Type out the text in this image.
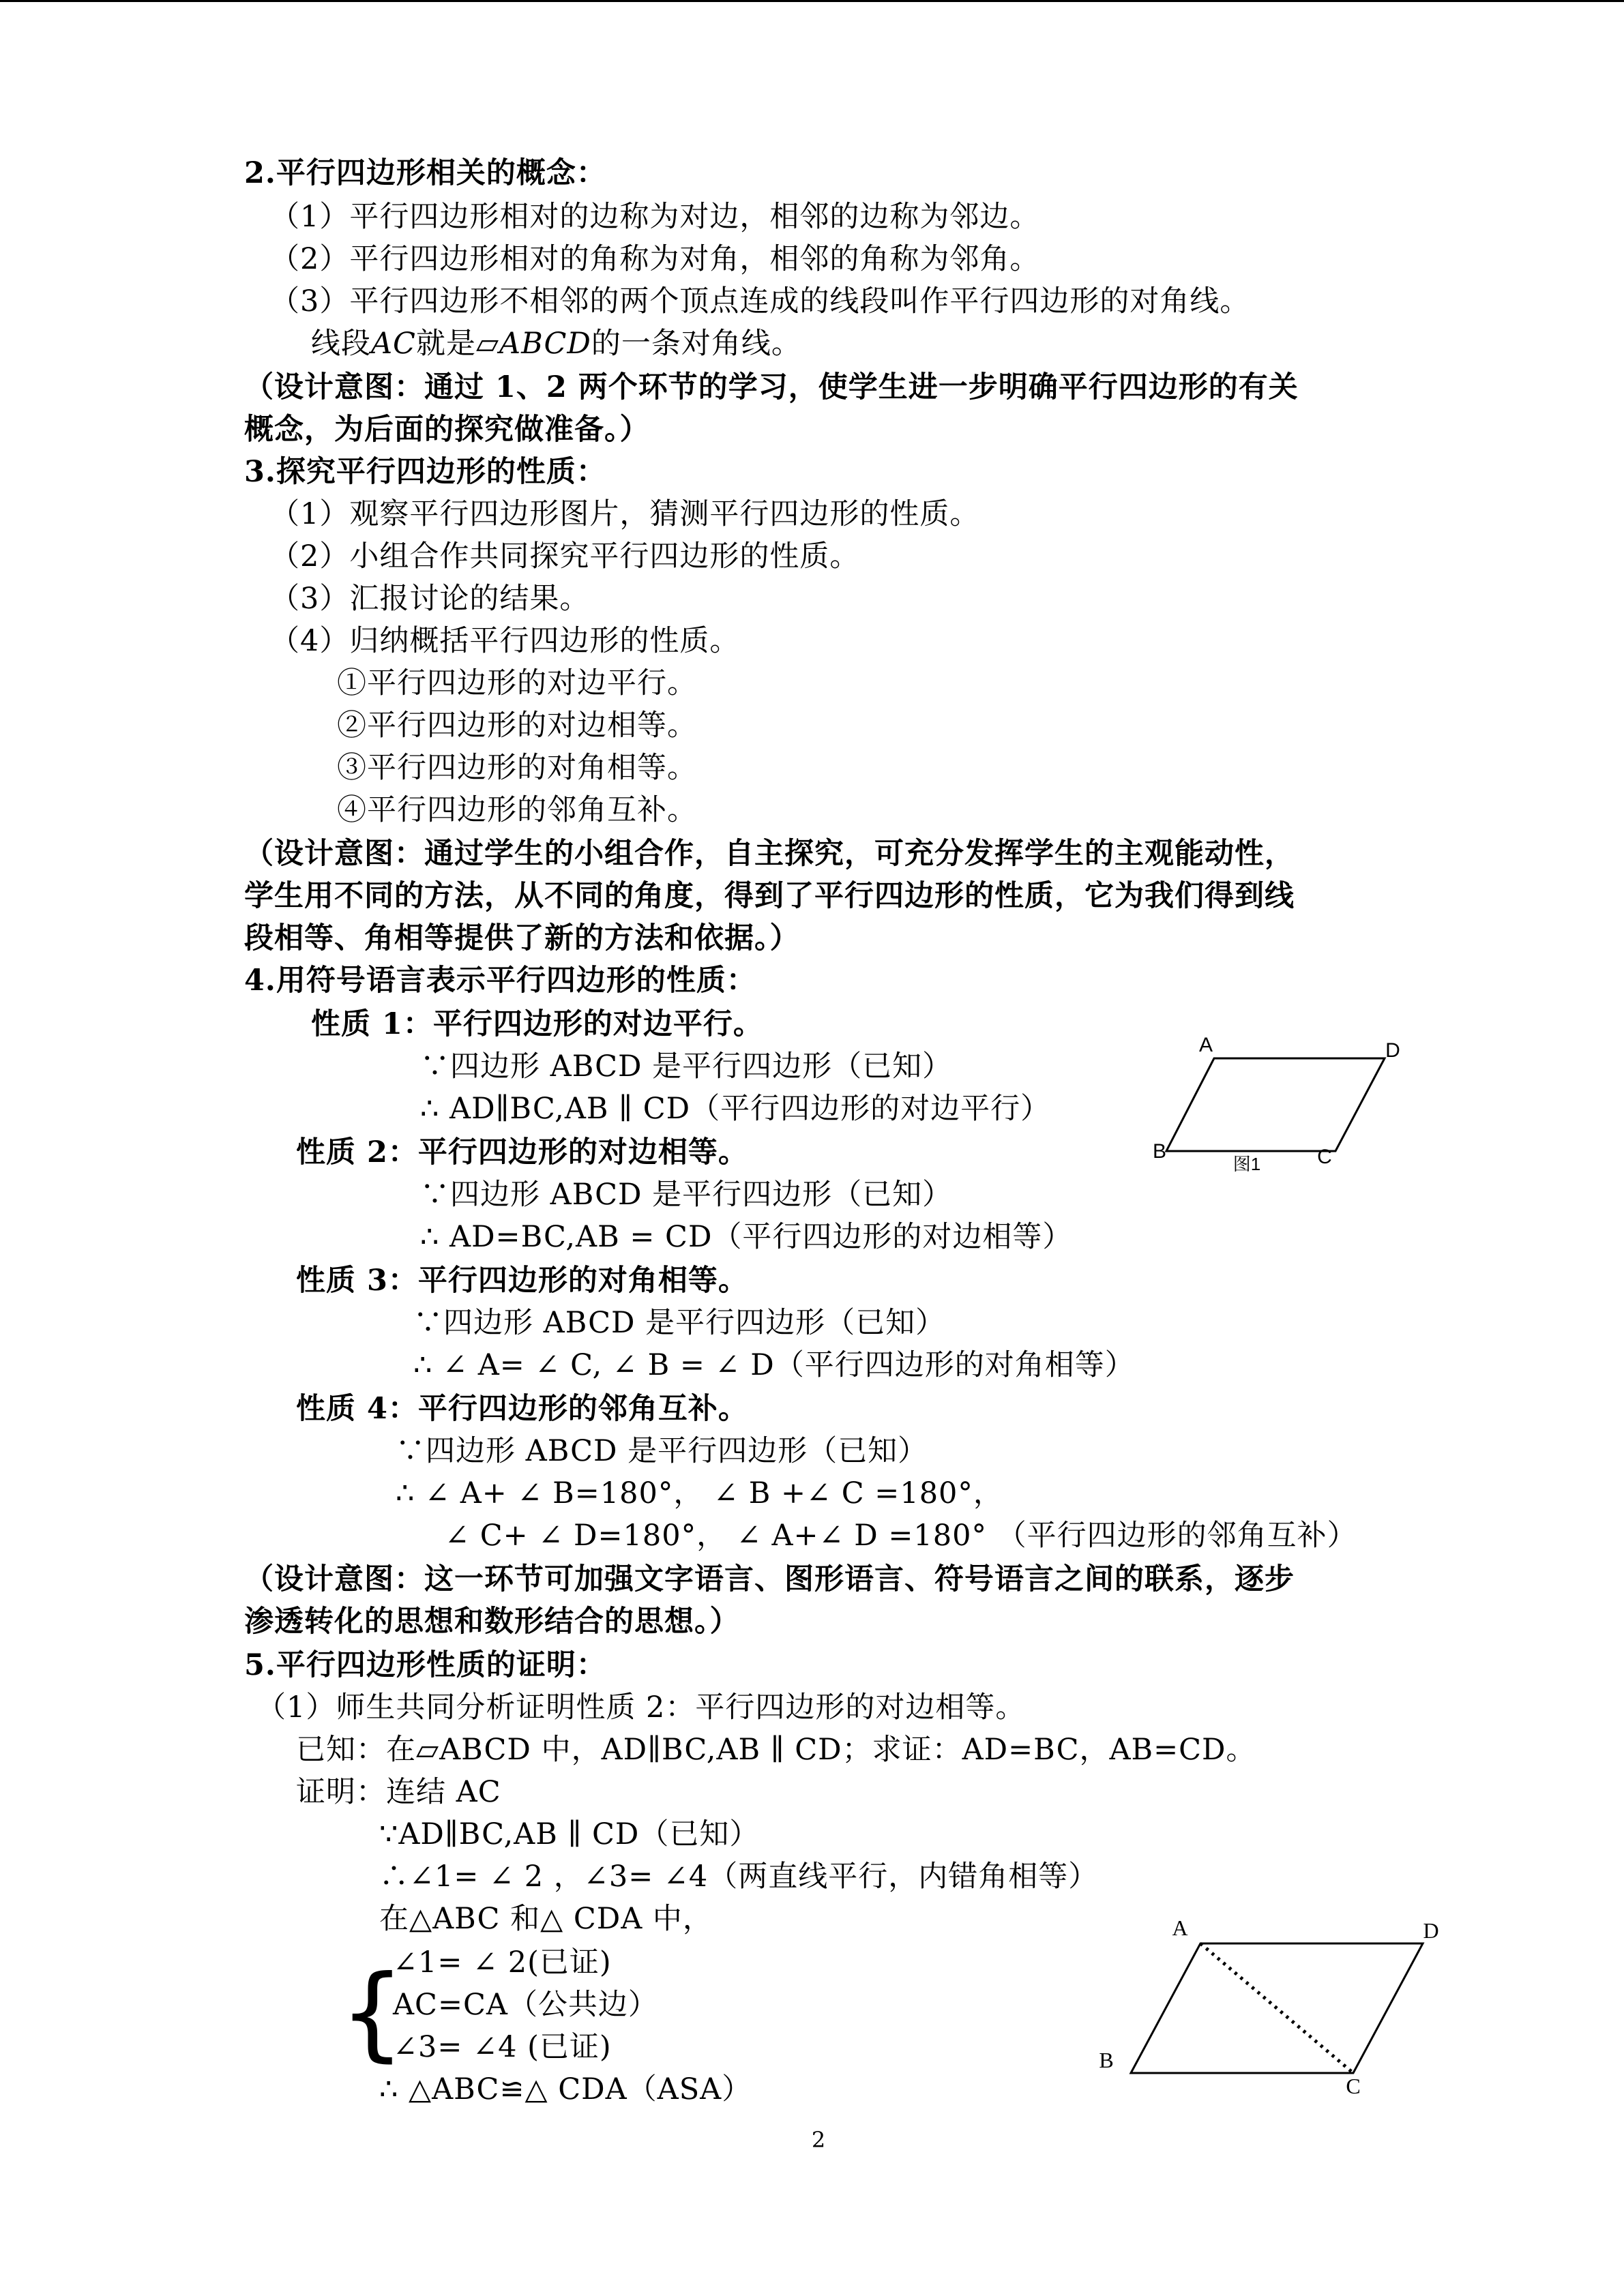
2.平行四边形相关的概念：
（1）平行四边形相对的边称为对边，相邻的边称为邻边。
（2）平行四边形相对的角称为对角，相邻的角称为邻角。
（3）平行四边形不相邻的两个顶点连成的线段叫作平行四边形的对角线。
线段AC就是▱ABCD的一条对角线。
（设计意图：通过 1、2 两个环节的学习，使学生进一步明确平行四边形的有关
概念，为后面的探究做准备。）
3.探究平行四边形的性质：
（1）观察平行四边形图片，猜测平行四边形的性质。
（2）小组合作共同探究平行四边形的性质。
（3）汇报讨论的结果。
（4）归纳概括平行四边形的性质。
①平行四边形的对边平行。
②平行四边形的对边相等。
③平行四边形的对角相等。
④平行四边形的邻角互补。
（设计意图：通过学生的小组合作，自主探究，可充分发挥学生的主观能动性，
学生用不同的方法，从不同的角度，得到了平行四边形的性质，它为我们得到线
段相等、角相等提供了新的方法和依据。）
4.用符号语言表示平行四边形的性质：
性质 1：平行四边形的对边平行。
∵四边形 ABCD 是平行四边形（已知）
∴ AD∥BC,AB ∥ CD（平行四边形的对边平行）
性质 2：平行四边形的对边相等。
∵四边形 ABCD 是平行四边形（已知）
∴ AD=BC,AB = CD（平行四边形的对边相等）
性质 3：平行四边形的对角相等。
∵四边形 ABCD 是平行四边形（已知）
∴ ∠ A= ∠ C, ∠ B = ∠ D（平行四边形的对角相等）
性质 4：平行四边形的邻角互补。
∵四边形 ABCD 是平行四边形（已知）
∴ ∠ A+ ∠ B=180°， ∠ B +∠ C =180°，
∠ C+ ∠ D=180°， ∠ A+∠ D =180° （平行四边形的邻角互补）
（设计意图：这一环节可加强文字语言、图形语言、符号语言之间的联系，逐步
渗透转化的思想和数形结合的思想。）
5.平行四边形性质的证明：
（1）师生共同分析证明性质 2：平行四边形的对边相等。
已知：在▱ABCD 中，AD∥BC,AB ∥ CD；求证：AD=BC，AB=CD。
证明：连结 AC
∵AD∥BC,AB ∥ CD（已知）
∴∠1= ∠ 2 ，∠3= ∠4（两直线平行，内错角相等）
在△ABC 和△ CDA 中，
{
∠1= ∠ 2(已证)
AC=CA（公共边）
∠3= ∠4 (已证)
∴ △ABC≌△ CDA（ASA）
A	D
B	C
图1
A	D
B
C
2
